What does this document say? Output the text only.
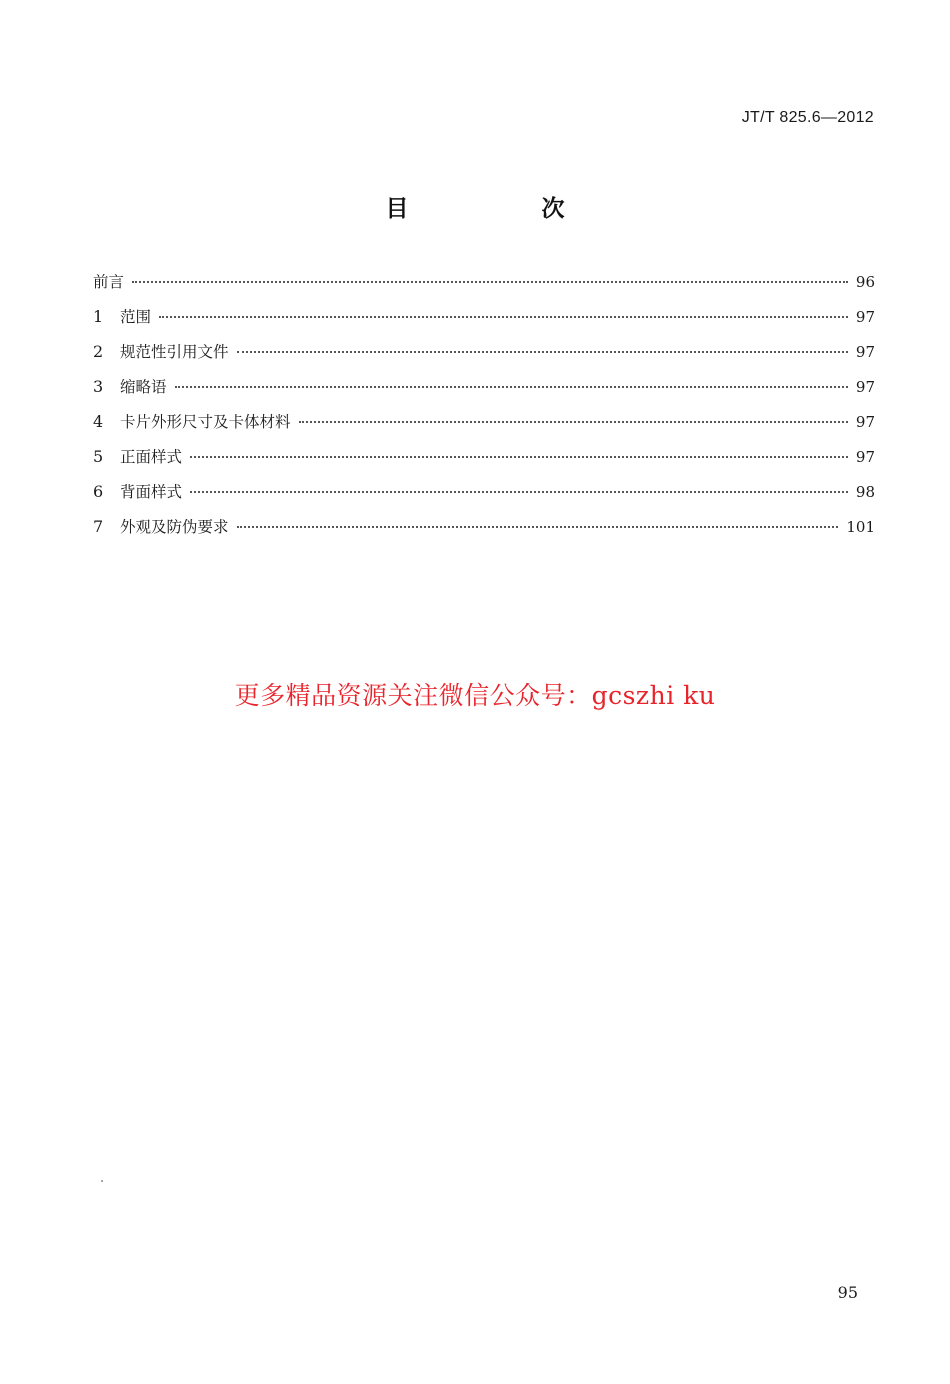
JT/T 825.6—2012
目　次
前言	96
1	范围	97
2	规范性引用文件	97
3	缩略语	97
4	卡片外形尺寸及卡体材料	97
5	正面样式	97
6	背面样式	98
7	外观及防伪要求	101
更多精品资源关注微信公众号：gcszhi ku
95
